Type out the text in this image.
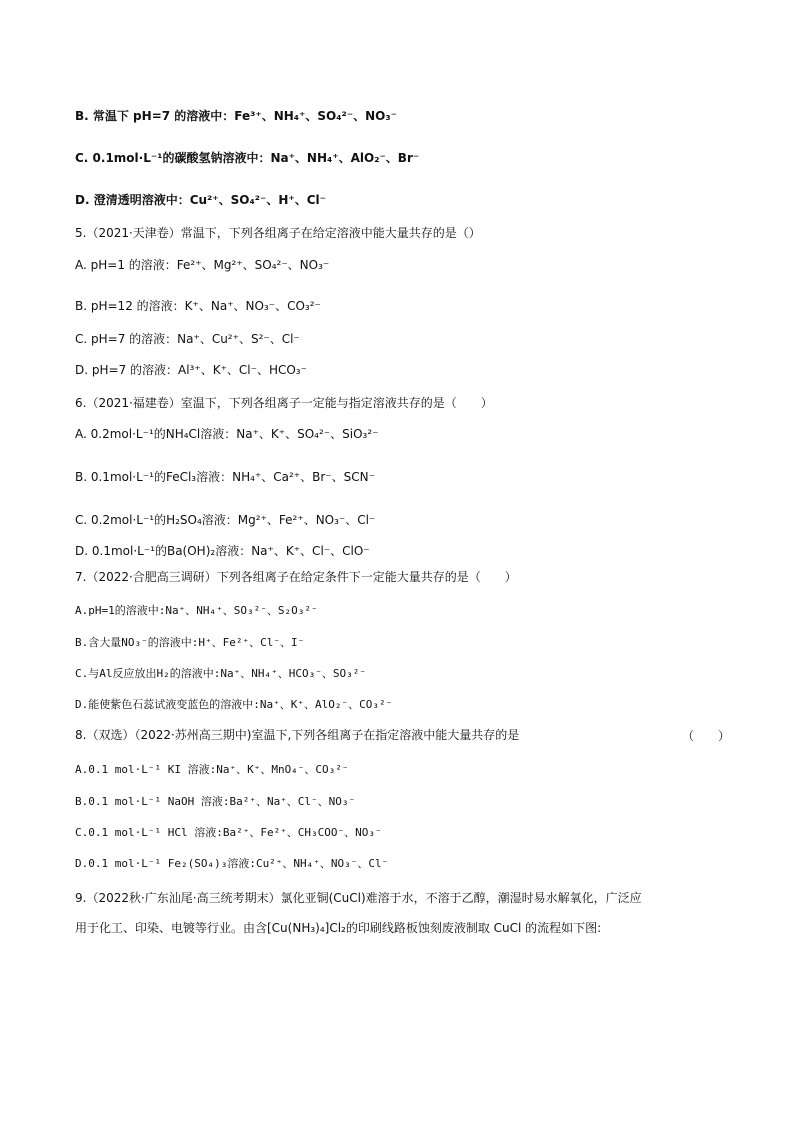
B. 常温下 pH=7 的溶液中：Fe³⁺、NH₄⁺、SO₄²⁻、NO₃⁻
C. 0.1mol·L⁻¹的碳酸氢钠溶液中：Na⁺、NH₄⁺、AlO₂⁻、Br⁻
D. 澄清透明溶液中：Cu²⁺、SO₄²⁻、H⁺、Cl⁻
5.（2021·天津卷）常温下，下列各组离子在给定溶液中能大量共存的是（）
A. pH=1 的溶液：Fe²⁺、Mg²⁺、SO₄²⁻、NO₃⁻
B. pH=12 的溶液：K⁺、Na⁺、NO₃⁻、CO₃²⁻
C. pH=7 的溶液：Na⁺、Cu²⁺、S²⁻、Cl⁻
D. pH=7 的溶液：Al³⁺、K⁺、Cl⁻、HCO₃⁻
6.（2021·福建卷）室温下，下列各组离子一定能与指定溶液共存的是（　　）
A. 0.2mol·L⁻¹的NH₄Cl溶液：Na⁺、K⁺、SO₄²⁻、SiO₃²⁻
B. 0.1mol·L⁻¹的FeCl₃溶液：NH₄⁺、Ca²⁺、Br⁻、SCN⁻
C. 0.2mol·L⁻¹的H₂SO₄溶液：Mg²⁺、Fe²⁺、NO₃⁻、Cl⁻
D. 0.1mol·L⁻¹的Ba(OH)₂溶液：Na⁺、K⁺、Cl⁻、ClO⁻
7.（2022·合肥高三调研）下列各组离子在给定条件下一定能大量共存的是（　　）
A.pH=1的溶液中:Na⁺、NH₄⁺、SO₃²⁻、S₂O₃²⁻
B.含大量NO₃⁻的溶液中:H⁺、Fe²⁺、Cl⁻、I⁻
C.与Al反应放出H₂的溶液中:Na⁺、NH₄⁺、HCO₃⁻、SO₃²⁻
D.能使紫色石蕊试液变蓝色的溶液中:Na⁺、K⁺、AlO₂⁻、CO₃²⁻
8.（双选）（2022·苏州高三期中)室温下,下列各组离子在指定溶液中能大量共存的是	（　　）
A.0.1 mol·L⁻¹ KI 溶液:Na⁺、K⁺、MnO₄⁻、CO₃²⁻
B.0.1 mol·L⁻¹ NaOH 溶液:Ba²⁺、Na⁺、Cl⁻、NO₃⁻
C.0.1 mol·L⁻¹ HCl 溶液:Ba²⁺、Fe²⁺、CH₃COO⁻、NO₃⁻
D.0.1 mol·L⁻¹ Fe₂(SO₄)₃溶液:Cu²⁺、NH₄⁺、NO₃⁻、Cl⁻
9.（2022秋·广东汕尾·高三统考期末）氯化亚铜(CuCl)难溶于水，不溶于乙醇，潮湿时易水解氧化，广泛应
用于化工、印染、电镀等行业。由含[Cu(NH₃)₄]Cl₂的印刷线路板蚀刻废液制取 CuCl 的流程如下图:
